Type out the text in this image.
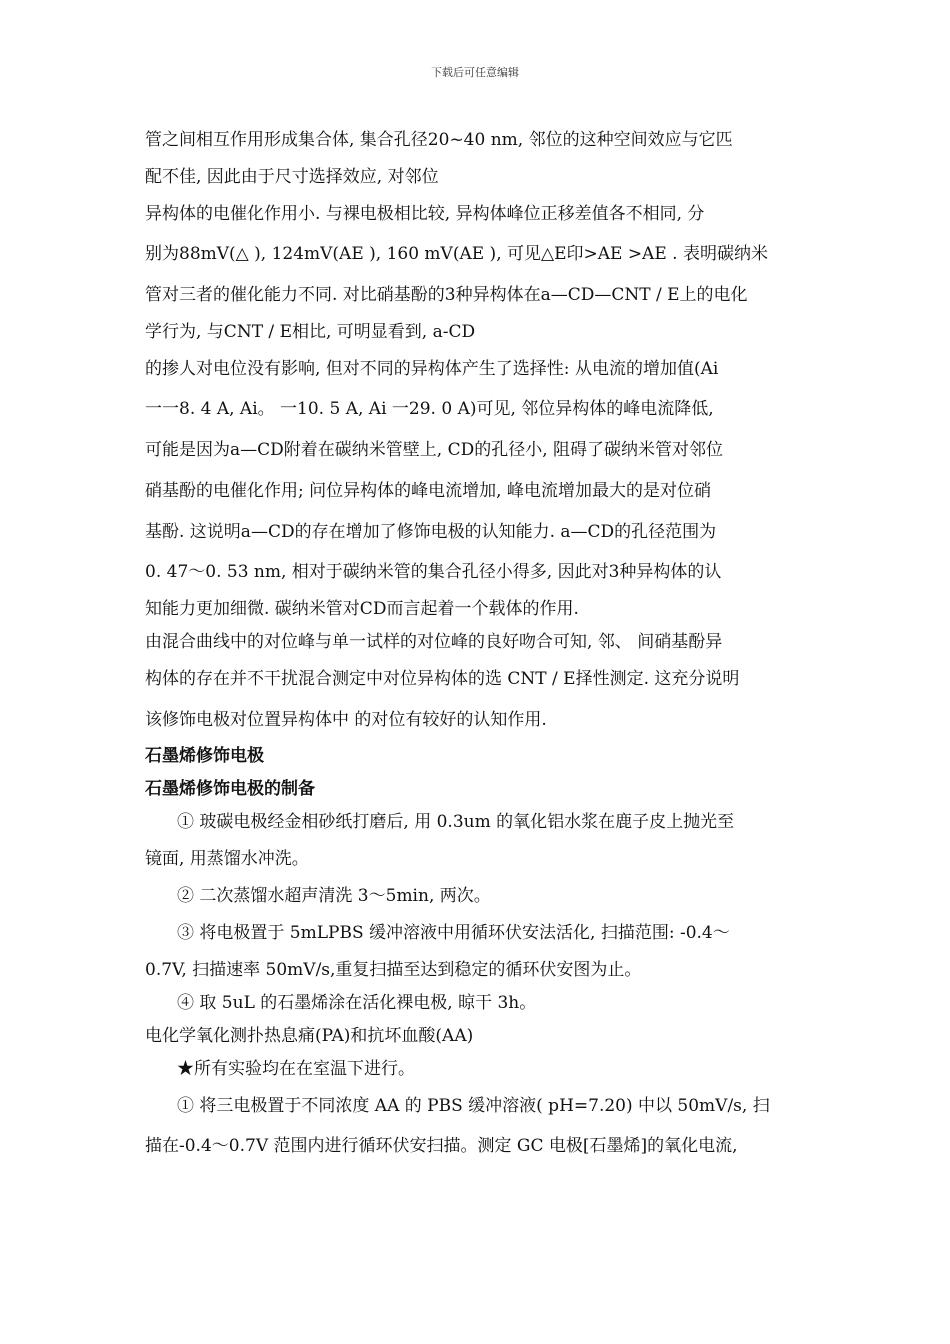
下载后可任意编辑
管之间相互作用形成集合体, 集合孔径20~40 nm, 邻位的这种空间效应与它匹
配不佳, 因此由于尺寸选择效应, 对邻位
异构体的电催化作用小. 与裸电极相比较, 异构体峰位正移差值各不相同, 分
别为88mV(△ ), 124mV(AE ), 160 mV(AE ), 可见△E印>AE >AE . 表明碳纳米
管对三者的催化能力不同. 对比硝基酚的3种异构体在a—CD—CNT / E上的电化
学行为, 与CNT / E相比, 可明显看到, a-CD
的掺人对电位没有影响, 但对不同的异构体产生了选择性: 从电流的增加值(Ai
一一8. 4 A, Ai。 一10. 5 A, Ai 一29. 0 A)可见, 邻位异构体的峰电流降低,
可能是因为a—CD附着在碳纳米管壁上, CD的孔径小, 阻碍了碳纳米管对邻位
硝基酚的电催化作用; 问位异构体的峰电流增加, 峰电流增加最大的是对位硝
基酚. 这说明a—CD的存在增加了修饰电极的认知能力. a—CD的孔径范围为
0. 47～0. 53 nm, 相对于碳纳米管的集合孔径小得多, 因此对3种异构体的认
知能力更加细微. 碳纳米管对CD而言起着一个载体的作用.
由混合曲线中的对位峰与单一试样的对位峰的良好吻合可知, 邻、 间硝基酚异
构体的存在并不干扰混合测定中对位异构体的选 CNT / E择性测定. 这充分说明
该修饰电极对位置异构体中 的对位有较好的认知作用.
石墨烯修饰电极
石墨烯修饰电极的制备
① 玻碳电极经金相砂纸打磨后, 用 0.3um 的氧化铝水浆在鹿子皮上抛光至
镜面, 用蒸馏水冲洗。
② 二次蒸馏水超声清洗 3～5min, 两次。
③ 将电极置于 5mLPBS 缓冲溶液中用循环伏安法活化, 扫描范围: -0.4～
0.7V, 扫描速率 50mV/s,重复扫描至达到稳定的循环伏安图为止。
④ 取 5uL 的石墨烯涂在活化裸电极, 晾干 3h。
电化学氧化测扑热息痛(PA)和抗坏血酸(AA)
★所有实验均在在室温下进行。
① 将三电极置于不同浓度 AA 的 PBS 缓冲溶液( pH=7.20) 中以 50mV/s, 扫
描在-0.4～0.7V 范围内进行循环伏安扫描。测定 GC 电极[石墨烯]的氧化电流,
